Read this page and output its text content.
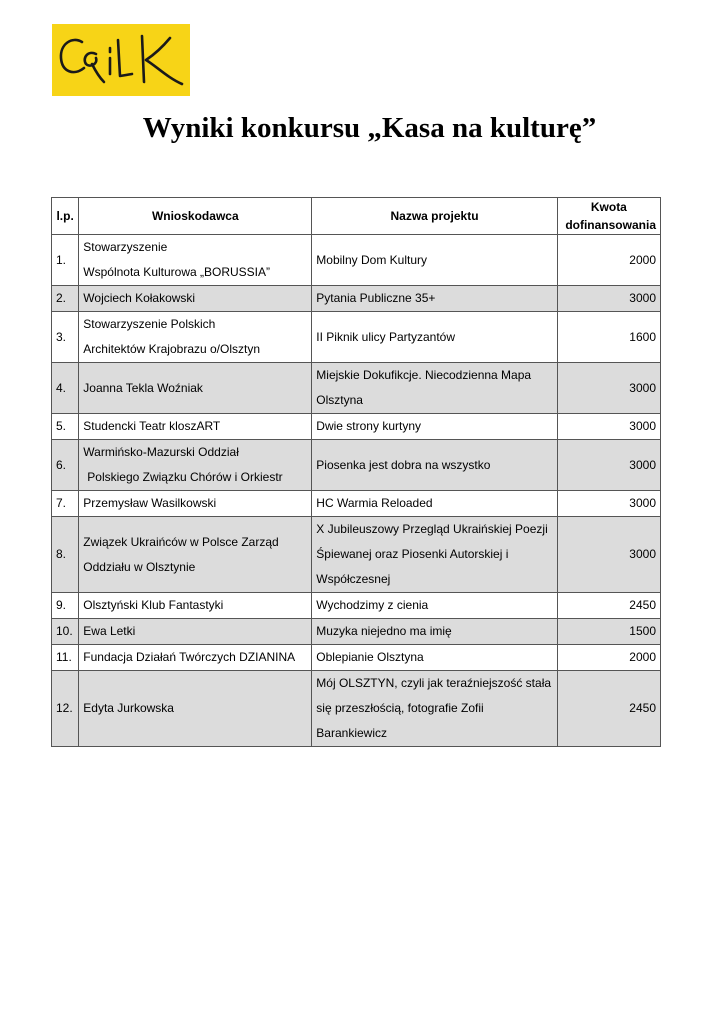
Wyniki konkursu „Kasa na kulturę”
l.p.	Wnioskodawca	Nazwa projektu	Kwota
dofinansowania

1.	Stowarzyszenie
Wspólnota Kulturowa „BORUSSIA”	Mobilny Dom Kultury	2000
2.	Wojciech Kołakowski	Pytania Publiczne 35+	3000
3.	Stowarzyszenie Polskich
Architektów Krajobrazu o/Olsztyn	II Piknik ulicy Partyzantów	1600
4.	Joanna Tekla Woźniak	Miejskie Dokufikcje. Niecodzienna Mapa
Olsztyna	3000
5.	Studencki Teatr kloszART	Dwie strony kurtyny	3000
6.	Warmińsko-Mazurski Oddział
Polskiego Związku Chórów i Orkiestr	Piosenka jest dobra na wszystko	3000
7.	Przemysław Wasilkowski	HC Warmia Reloaded	3000
8.	Związek Ukraińców w Polsce Zarząd
Oddziału w Olsztynie	X Jubileuszowy Przegląd Ukraińskiej Poezji
Śpiewanej oraz Piosenki Autorskiej i
Współczesnej	3000
9.	Olsztyński Klub Fantastyki	Wychodzimy z cienia	2450
10.	Ewa Letki	Muzyka niejedno ma imię	1500
11.	Fundacja Działań Twórczych DZIANINA	Oblepianie Olsztyna	2000
12.	Edyta Jurkowska	Mój OLSZTYN, czyli jak teraźniejszość stała
się przeszłością, fotografie Zofii
Barankiewicz	2450
